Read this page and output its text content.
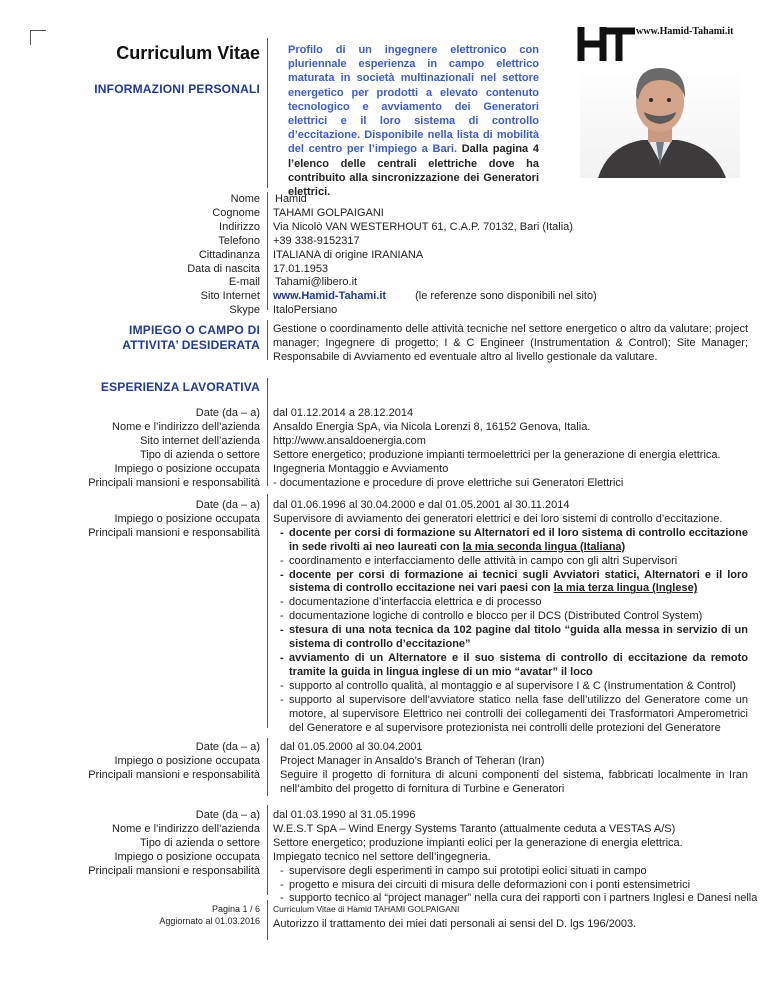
Curriculum Vitae
INFORMAZIONI PERSONALI
Profilo di un ingegnere elettronico con pluriennale esperienza in campo elettrico maturata in società multinazionali nel settore energetico per prodotti a elevato contenuto tecnologico e avviamento dei Generatori elettrici e il loro sistema di controllo d’eccitazione. Disponibile nella lista di mobilità del centro per l’impiego a Bari. Dalla pagina 4 l’elenco delle centrali elettriche dove ha contribuito alla sincronizzazione dei Generatori elettrici.
www.Hamid-Tahami.it
Nome
Cognome
Indirizzo
Telefono
Cittadinanza
Data di nascita
E-mail
Sito Internet
Skype
Hamid
TAHAMI GOLPAIGANI
Via Nicolò VAN WESTERHOUT 61, C.A.P. 70132, Bari (Italia)
+39 338-9152317
ITALIANA di origine IRANIANA
17.01.1953
Tahami@libero.it
www.Hamid-Tahami.it	(le referenze sono disponibili nel sito)
ItaloPersiano
IMPIEGO O CAMPO DI
ATTIVITA’ DESIDERATA
Gestione o coordinamento delle attività tecniche nel settore energetico o altro da valutare; project manager; Ingegnere di progetto; I & C Engineer (Instrumentation & Control); Site Manager; Responsabile di Avviamento ed eventuale altro al livello gestionale da valutare.
ESPERIENZA LAVORATIVA
Date (da – a)
Nome e l’indirizzo dell’azienda
Sito internet dell’azienda
Tipo di azienda o settore
Impiego o posizione occupata
Principali mansioni e responsabilità
dal 01.12.2014 a 28.12.2014
Ansaldo Energia SpA, via Nicola Lorenzi 8, 16152 Genova, Italia.
http://www.ansaldoenergia.com
Settore energetico; produzione impianti termoelettrici per la generazione di energia elettrica.
Ingegneria Montaggio e Avviamento
- documentazione e procedure di prove elettriche sui Generatori Elettrici
Date (da – a)
Impiego o posizione occupata
Principali mansioni e responsabilità
dal 01.06.1996 al 30.04.2000 e dal 01.05.2001 al 30.11.2014
Supervisore di avviamento dei generatori elettrici e dei loro sistemi di controllo d’eccitazione.
- docente per corsi di formazione su Alternatori ed il loro sistema di controllo eccitazione in sede rivolti ai neo laureati con la mia seconda lingua (Italiana)
- coordinamento e interfacciamento delle attività in campo con gli altri Supervisori
- docente per corsi di formazione ai tecnici sugli Avviatori statici, Alternatori e il loro sistema di controllo eccitazione nei vari paesi con la mia terza lingua (Inglese)
- documentazione d’interfaccia elettrica e di processo
- documentazione logiche di controllo e blocco per il DCS (Distributed Control System)
- stesura di una nota tecnica da 102 pagine dal titolo “guida alla messa in servizio di un sistema di controllo d’eccitazione”
- avviamento di un Alternatore e il suo sistema di controllo di eccitazione da remoto tramite la guida in lingua inglese di un mio “avatar” il loco
- supporto al controllo qualità, al montaggio e al supervisore I & C (Instrumentation & Control)
- supporto al supervisore dell’avviatore statico nella fase dell’utilizzo del Generatore come un motore, al supervisore Elettrico nei controlli dei collegamenti dei Trasformatori Amperometrici del Generatore e al supervisore protezionista nei controlli delle protezioni del Generatore
Date (da – a)
Impiego o posizione occupata
Principali mansioni e responsabilità
dal 01.05.2000 al 30.04.2001
Project Manager in Ansaldo’s Branch of Teheran (Iran)
Seguire il progetto di fornitura di alcuni componenti del sistema, fabbricati localmente in Iran nell’ambito del progetto di fornitura di Turbine e Generatori
Date (da – a)
Nome e l’indirizzo dell’azienda
Tipo di azienda o settore
Impiego o posizione occupata
Principali mansioni e responsabilità
dal 01.03.1990 al 31.05.1996
W.E.S.T SpA – Wind Energy Systems Taranto (attualmente ceduta a VESTAS A/S)
Settore energetico; produzione impianti eolici per la generazione di energia elettrica.
Impiegato tecnico nel settore dell’ingegneria.
- supervisore degli esperimenti in campo sui prototipi eolici situati in campo
- progetto e misura dei circuiti di misura delle deformazioni con i ponti estensimetrici
- supporto tecnico al “project manager” nella cura dei rapporti con i partners Inglesi e Danesi nella
Pagina 1 / 6
Aggiornato al 01.03.2016
Curriculum Vitae di Hamid TAHAMI GOLPAIGANI
Autorizzo il trattamento dei miei dati personali ai sensi del D. lgs 196/2003.
